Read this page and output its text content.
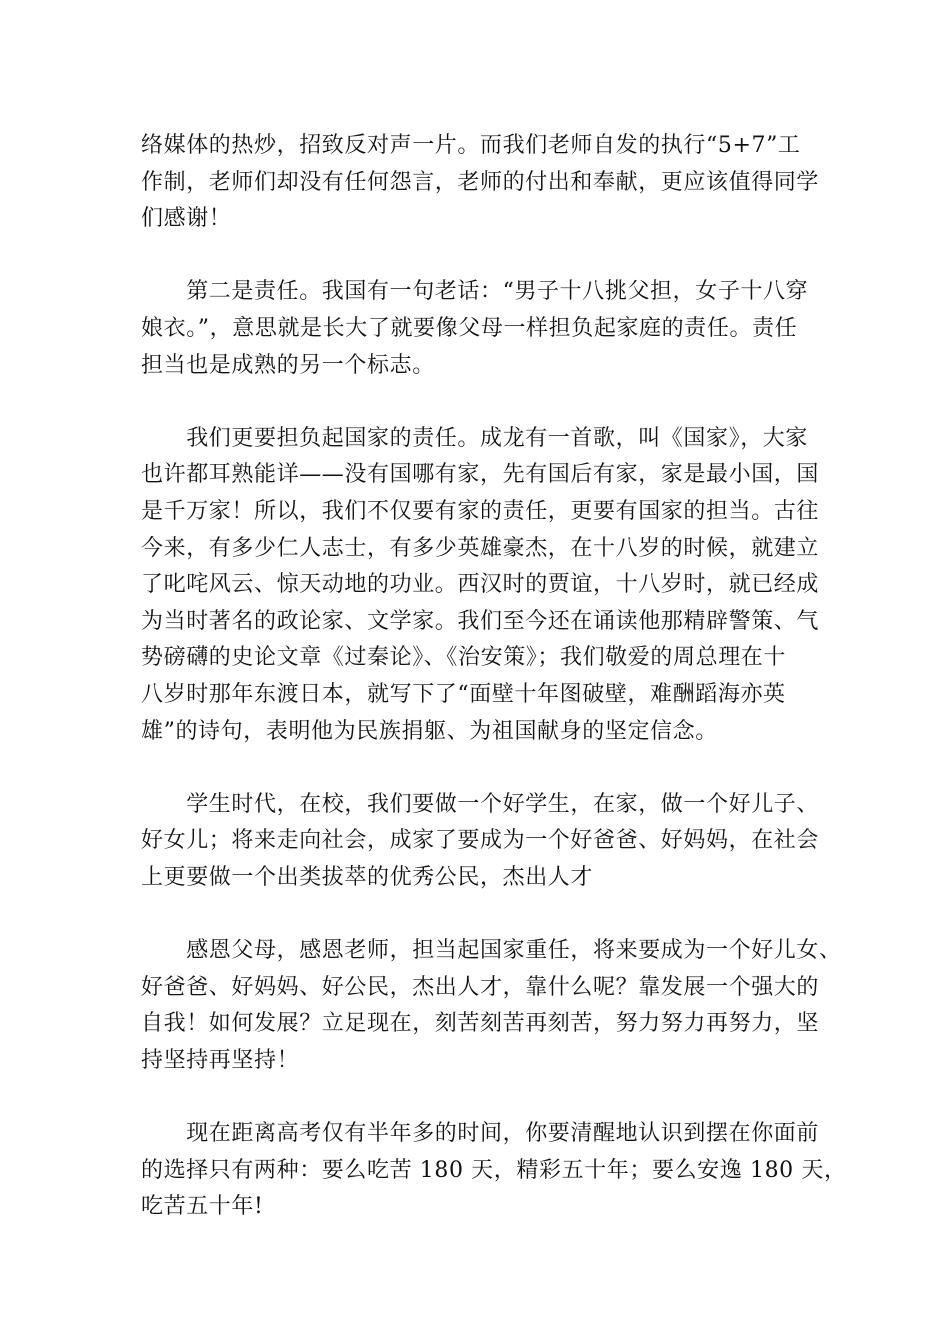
络媒体的热炒，招致反对声一片。而我们老师自发的执行“5+7”工
作制，老师们却没有任何怨言，老师的付出和奉献，更应该值得同学
们感谢！

　　第二是责任。我国有一句老话：“男子十八挑父担，女子十八穿
娘衣。”，意思就是长大了就要像父母一样担负起家庭的责任。责任
担当也是成熟的另一个标志。

　　我们更要担负起国家的责任。成龙有一首歌，叫《国家》，大家
也许都耳熟能详——没有国哪有家，先有国后有家，家是最小国，国
是千万家！所以，我们不仅要有家的责任，更要有国家的担当。古往
今来，有多少仁人志士，有多少英雄豪杰，在十八岁的时候，就建立
了叱咤风云、惊天动地的功业。西汉时的贾谊，十八岁时，就已经成
为当时著名的政论家、文学家。我们至今还在诵读他那精辟警策、气
势磅礴的史论文章《过秦论》、《治安策》；我们敬爱的周总理在十
八岁时那年东渡日本，就写下了“面壁十年图破壁，难酬蹈海亦英
雄”的诗句，表明他为民族捐躯、为祖国献身的坚定信念。

　　学生时代，在校，我们要做一个好学生，在家，做一个好儿子、
好女儿；将来走向社会，成家了要成为一个好爸爸、好妈妈，在社会
上更要做一个出类拔萃的优秀公民，杰出人才

　　感恩父母，感恩老师，担当起国家重任，将来要成为一个好儿女、
好爸爸、好妈妈、好公民，杰出人才，靠什么呢？靠发展一个强大的
自我！如何发展？立足现在，刻苦刻苦再刻苦，努力努力再努力，坚
持坚持再坚持！

　　现在距离高考仅有半年多的时间，你要清醒地认识到摆在你面前
的选择只有两种：要么吃苦 180 天，精彩五十年；要么安逸 180 天，
吃苦五十年!
